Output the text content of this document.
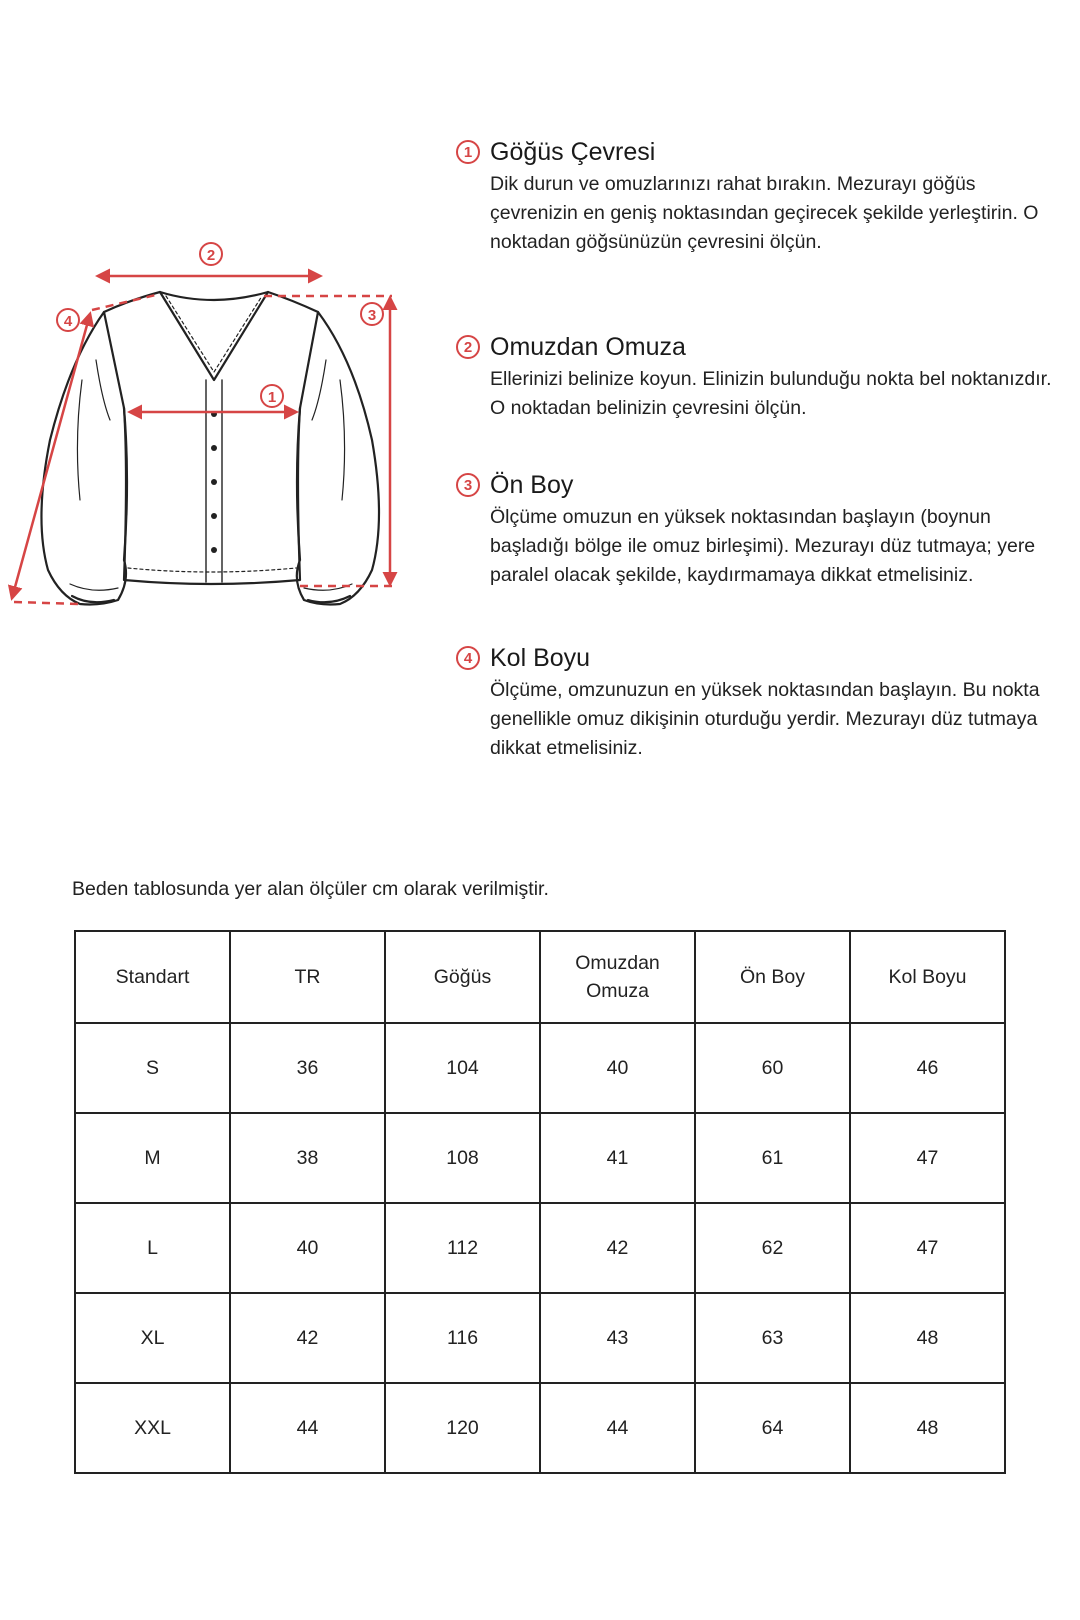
2
1
3
4
1 Göğüs Çevresi

Dik durun ve omuzlarınızı rahat bırakın. Mezurayı göğüs çevrenizin en geniş noktasından geçirecek şekilde yerleştirin. O noktadan göğsünüzün çevresini ölçün.

2 Omuzdan Omuza

Ellerinizi belinize koyun. Elinizin bulunduğu nokta bel noktanızdır. O noktadan belinizin çevresini ölçün.

3 Ön Boy

Ölçüme omuzun en yüksek noktasından başlayın (boynun başladığı bölge ile omuz birleşimi). Mezurayı düz tutmaya; yere paralel olacak şekilde, kaydırmamaya dikkat etmelisiniz.

4 Kol Boyu

Ölçüme, omzunuzun en yüksek noktasından başlayın. Bu nokta genellikle omuz dikişinin oturduğu yerdir. Mezurayı düz tutmaya dikkat etmelisiniz.

Beden tablosunda yer alan ölçüler cm olarak verilmiştir.
Standart	TR	Göğüs	Omuzdan Omuza	Ön Boy	Kol Boyu
S	36	104	40	60	46
M	38	108	41	61	47
L	40	112	42	62	47
XL	42	116	43	63	48
XXL	44	120	44	64	48
